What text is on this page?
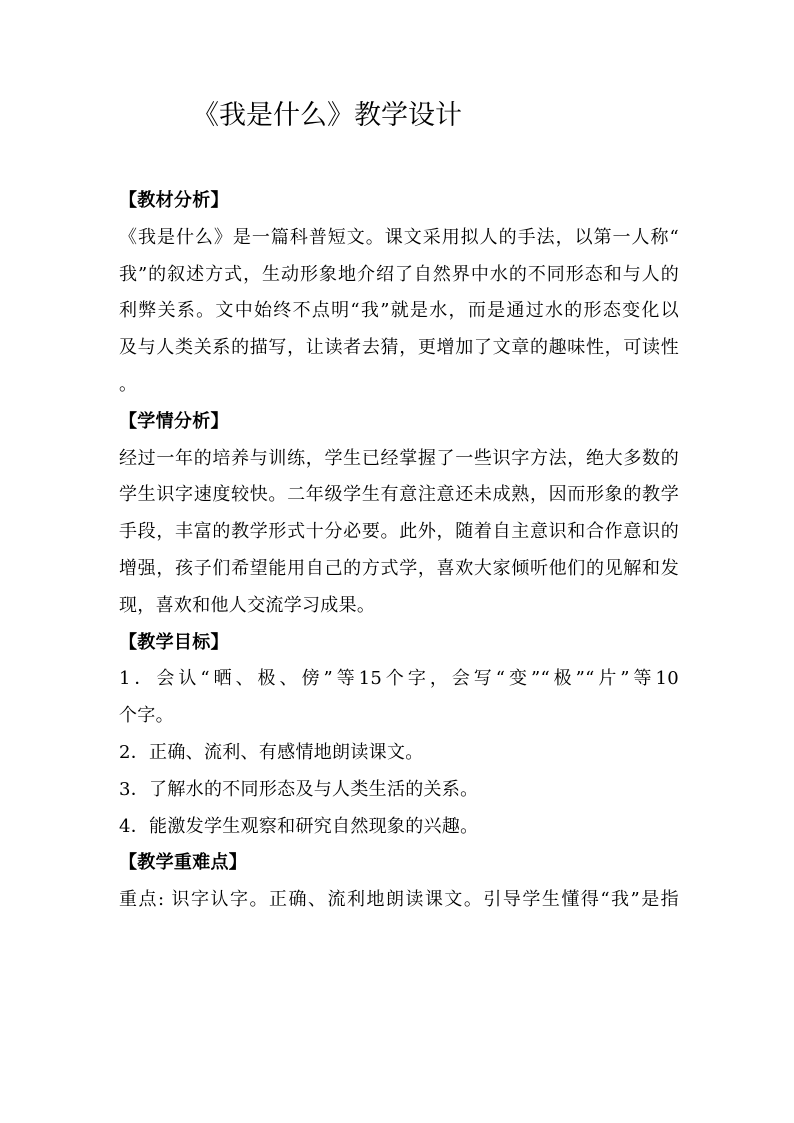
《我是什么》教学设计
【教材分析】
《我是什么》是一篇科普短文。课文采用拟人的手法，以第一人称“
我”的叙述方式，生动形象地介绍了自然界中水的不同形态和与人的
利弊关系。文中始终不点明“我”就是水，而是通过水的形态变化以
及与人类关系的描写，让读者去猜，更增加了文章的趣味性，可读性
。
【学情分析】
经过一年的培养与训练，学生已经掌握了一些识字方法，绝大多数的
学生识字速度较快。二年级学生有意注意还未成熟，因而形象的教学
手段，丰富的教学形式十分必要。此外，随着自主意识和合作意识的
增强，孩子们希望能用自己的方式学，喜欢大家倾听他们的见解和发
现，喜欢和他人交流学习成果。
【教学目标】
1．会认“晒、极、傍”等15个字，会写“变”“极”“片”等10
个字。
2．正确、流利、有感情地朗读课文。
3．了解水的不同形态及与人类生活的关系。
4．能激发学生观察和研究自然现象的兴趣。
【教学重难点】
重点: 识字认字。正确、流利地朗读课文。引导学生懂得“我”是指
